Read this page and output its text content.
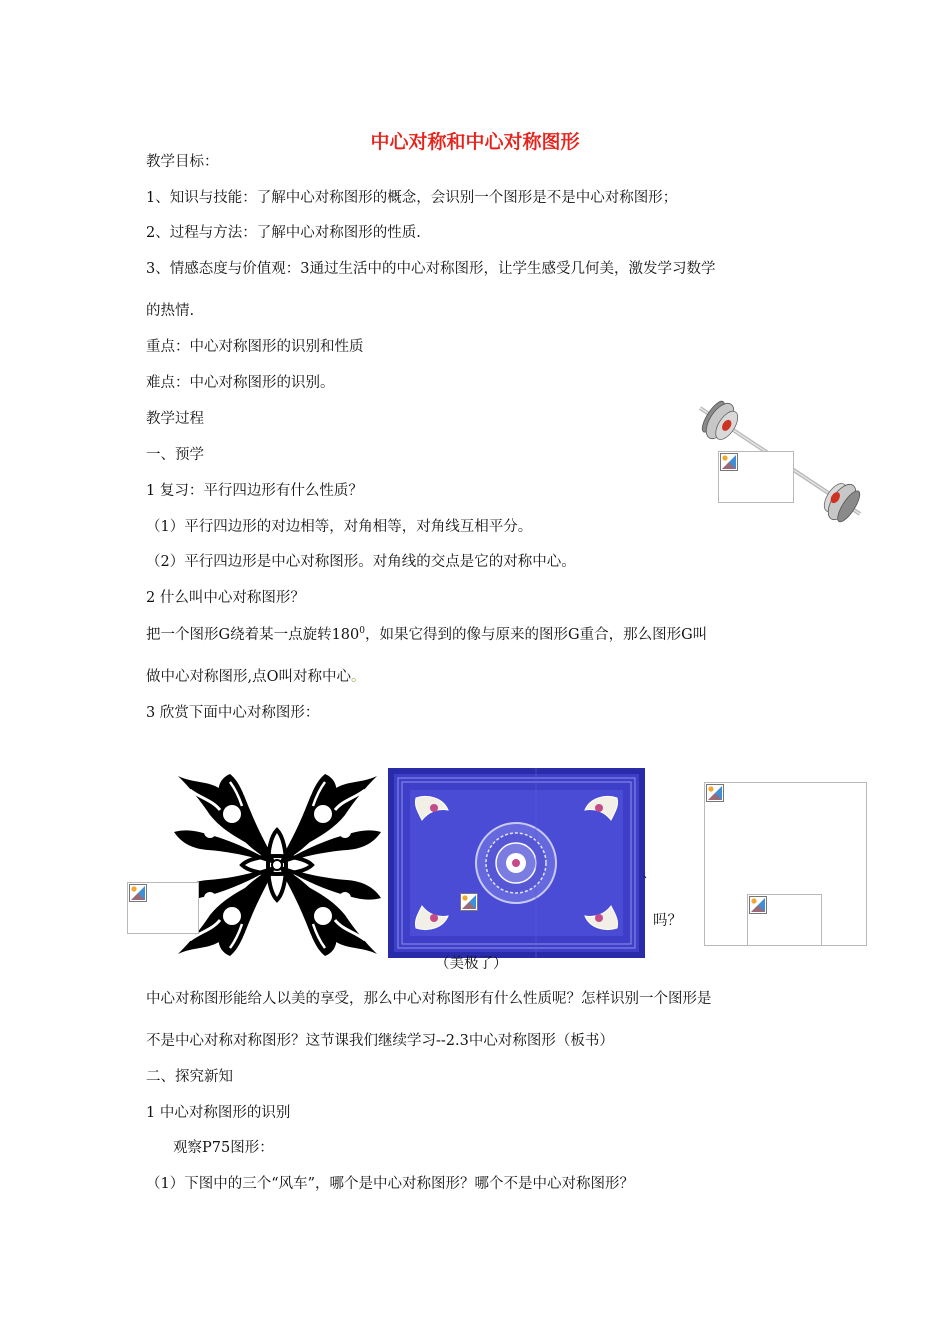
中心对称和中心对称图形
教学目标：
1、知识与技能：了解中心对称图形的概念，会识别一个图形是不是中心对称图形；
2、过程与方法：了解中心对称图形的性质.
3、情感态度与价值观：3通过生活中的中心对称图形，让学生感受几何美，激发学习数学
的热情.
重点：中心对称图形的识别和性质
难点：中心对称图形的识别。
教学过程
一、预学
1 复习：平行四边形有什么性质？
（1）平行四边形的对边相等，对角相等，对角线互相平分。
（2）平行四边形是中心对称图形。对角线的交点是它的对称中心。
2 什么叫中心对称图形？
把一个图形G绕着某一点旋转$180^0$，如果它得到的像与原来的图形G重合，那么图形G叫
做中心对称图形,点O叫对称中心。
3 欣赏下面中心对称图形：
、
吗？
（美极了）
中心对称图形能给人以美的享受，那么中心对称图形有什么性质呢？怎样识别一个图形是
不是中心对称对称图形？这节课我们继续学习--2.3中心对称图形（板书）
二、探究新知
1 中心对称图形的识别
观察P75图形：
（1）下图中的三个“风车”，哪个是中心对称图形？哪个不是中心对称图形？
